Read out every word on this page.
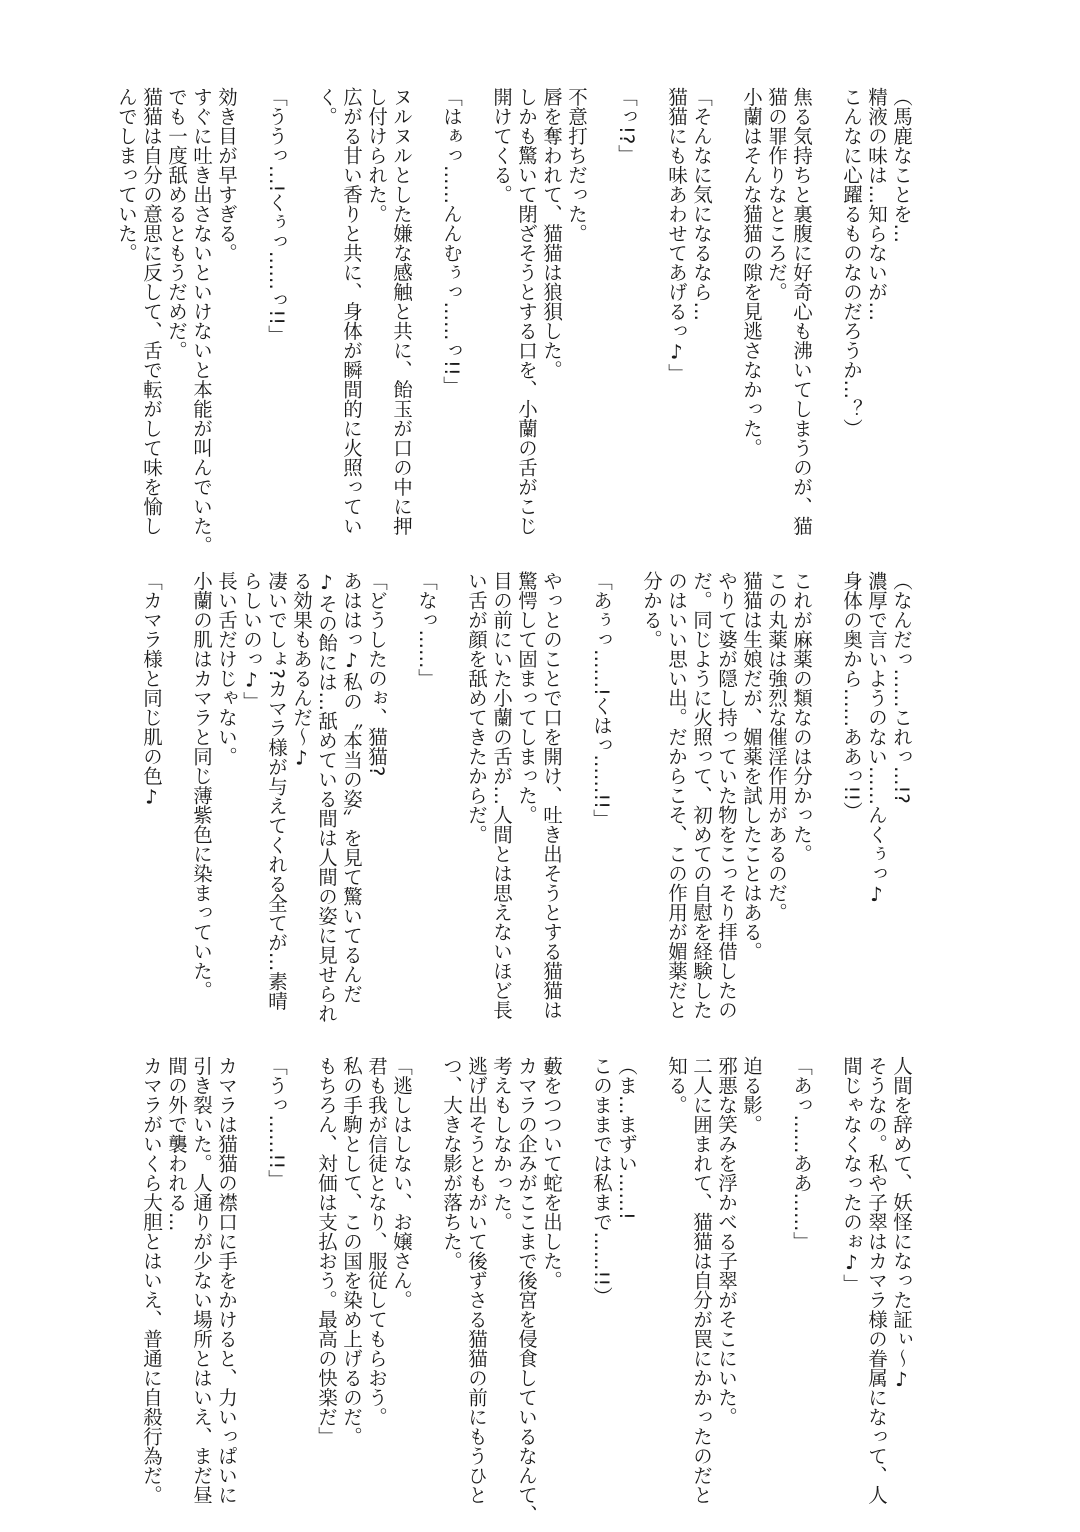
（馬鹿なことを…
精液の味は…知らないが…
こんなに心躍るものなのだろうか…？）
焦る気持ちと裏腹に好奇心も沸いてしまうのが、猫
猫の罪作りなところだ。
小蘭はそんな猫猫の隙を見逃さなかった。
「そんなに気になるなら…
猫猫にも味あわせてあげるっ♪」
「っ!?」
不意打ちだった。
唇を奪われて、猫猫は狼狽した。
しかも驚いて閉ざそうとする口を、小蘭の舌がこじ
開けてくる。
「はぁっ……んんむぅっ……っ!!」
ヌルヌルとした嫌な感触と共に、飴玉が口の中に押
し付けられた。
広がる甘い香りと共に、身体が瞬間的に火照ってい
く。
「ううっ…!くぅっ……っ!!」
効き目が早すぎる。
すぐに吐き出さないといけないと本能が叫んでいた。
でも一度舐めるともうだめだ。
猫猫は自分の意思に反して、舌で転がして味を愉し
んでしまっていた。
（なんだっ……これっ…!?
濃厚で言いようのない……んくぅっ♪
身体の奥から……ああっ!!）
これが麻薬の類なのは分かった。
この丸薬は強烈な催淫作用があるのだ。
猫猫は生娘だが、媚薬を試したことはある。
やりて婆が隠し持っていた物をこっそり拝借したの
だ。同じように火照って、初めての自慰を経験した
のはいい思い出。だからこそ、この作用が媚薬だと
分かる。
「あぅっ……!くはっ……!!」
やっとのことで口を開け、吐き出そうとする猫猫は
驚愕して固まってしまった。
目の前にいた小蘭の舌が…人間とは思えないほど長
い舌が顔を舐めてきたからだ。
「なっ……」
「どうしたのぉ、猫猫?
あははっ♪私の〝本当の姿〟を見て驚いてるんだ
♪その飴には…舐めている間は人間の姿に見せられ
る効果もあるんだ～♪
凄いでしょ?カマラ様が与えてくれる全てが…素晴
らしいのっ♪」
長い舌だけじゃない。
小蘭の肌はカマラと同じ薄紫色に染まっていた。
「カマラ様と同じ肌の色♪
人間を辞めて、妖怪になった証ぃ～♪
そうなの。私や子翠はカマラ様の眷属になって、人
間じゃなくなったのぉ♪」
「あっ……ああ……」
迫る影。
邪悪な笑みを浮かべる子翠がそこにいた。
二人に囲まれて、猫猫は自分が罠にかかったのだと
知る。
（ま…まずい……!
このままでは私まで……!!）
藪をつついて蛇を出した。
カマラの企みがここまで後宮を侵食しているなんて、
考えもしなかった。
逃げ出そうともがいて後ずさる猫猫の前にもうひと
つ、大きな影が落ちた。
「逃しはしない、お嬢さん。
君も我が信徒となり、服従してもらおう。
私の手駒として、この国を染め上げるのだ。
もちろん、対価は支払おう。最高の快楽だ」
「うっ……!!」
カマラは猫猫の襟口に手をかけると、力いっぱいに
引き裂いた。人通りが少ない場所とはいえ、まだ昼
間の外で襲われる…
カマラがいくら大胆とはいえ、普通に自殺行為だ。
